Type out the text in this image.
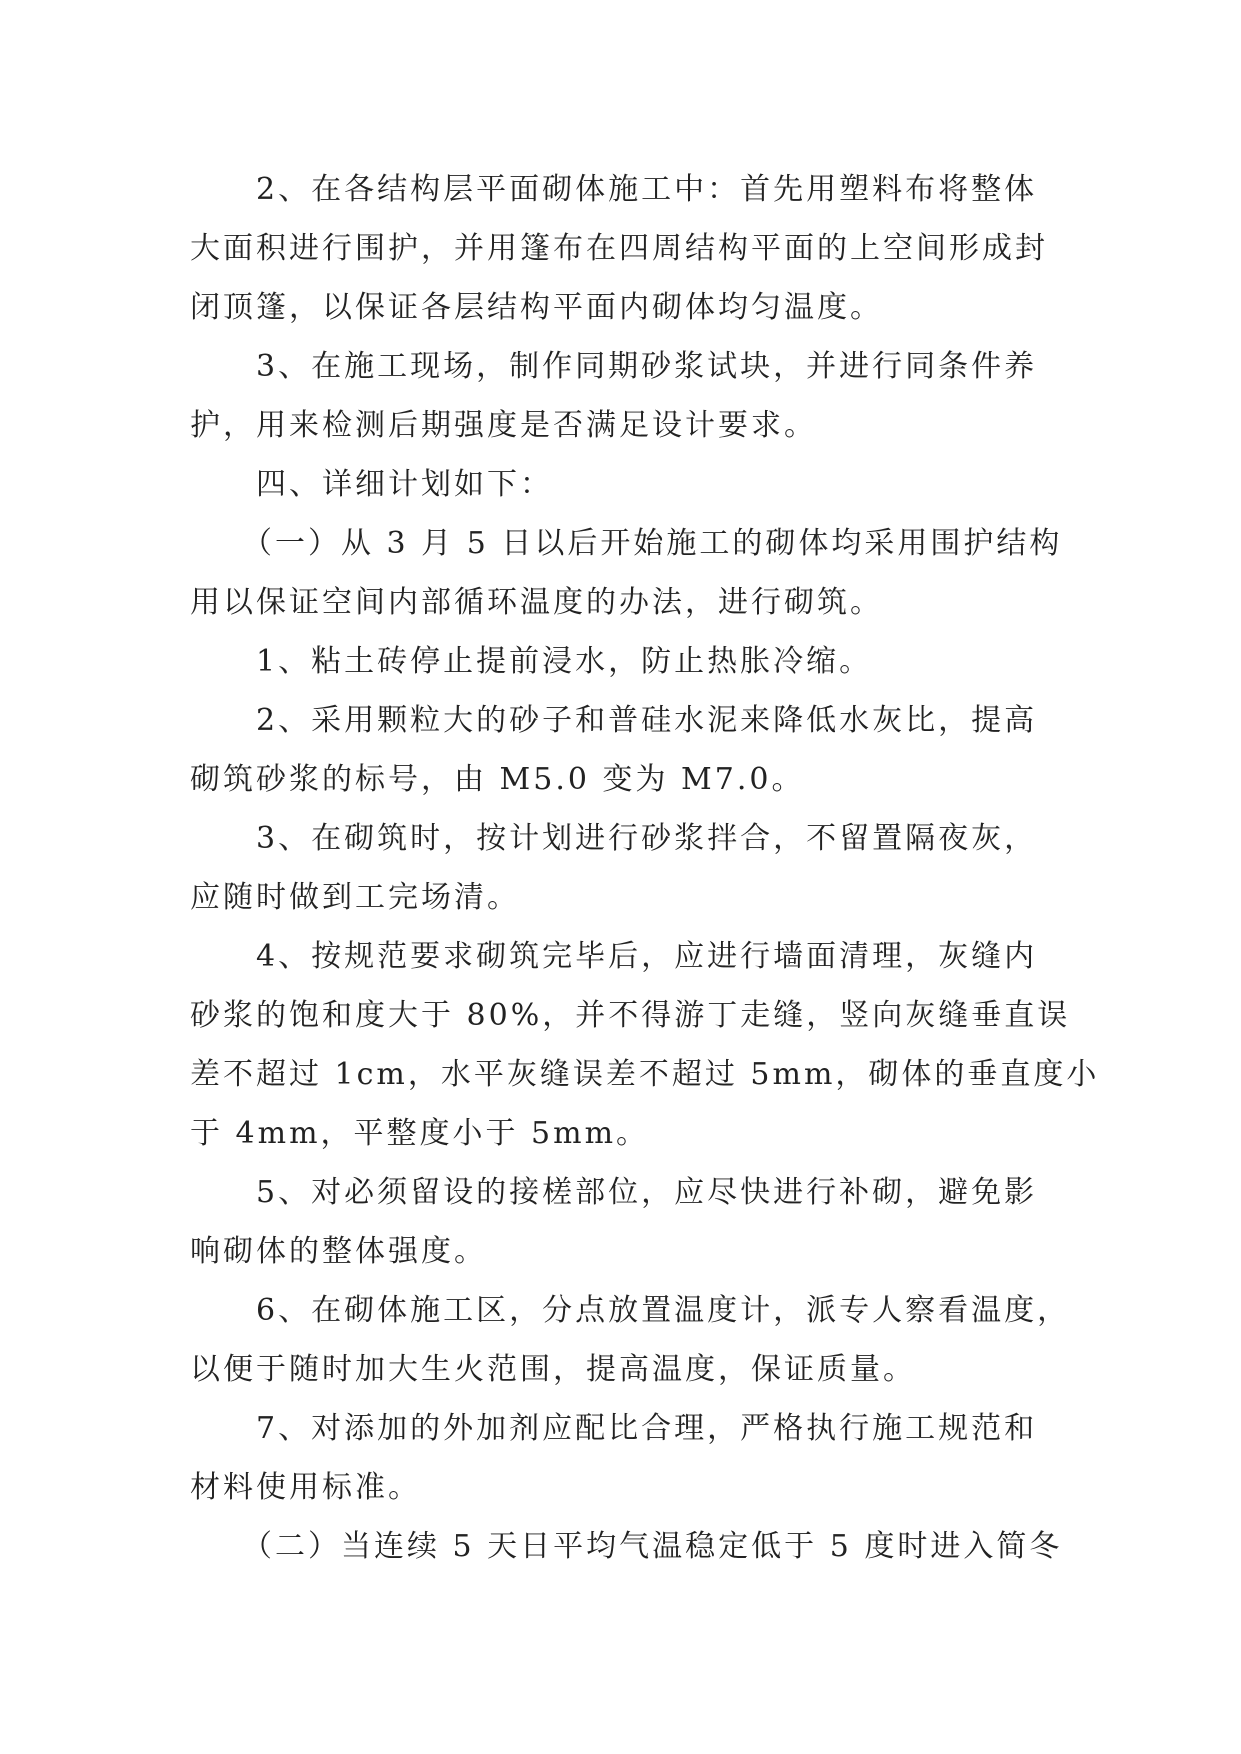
2、在各结构层平面砌体施工中：首先用塑料布将整体
大面积进行围护，并用篷布在四周结构平面的上空间形成封
闭顶篷，以保证各层结构平面内砌体均匀温度。
3、在施工现场，制作同期砂浆试块，并进行同条件养
护，用来检测后期强度是否满足设计要求。
四、详细计划如下：
（一）从 3 月 5 日以后开始施工的砌体均采用围护结构
用以保证空间内部循环温度的办法，进行砌筑。
1、粘土砖停止提前浸水，防止热胀冷缩。
2、采用颗粒大的砂子和普硅水泥来降低水灰比，提高
砌筑砂浆的标号，由 M5.0 变为 M7.0。
3、在砌筑时，按计划进行砂浆拌合，不留置隔夜灰，
应随时做到工完场清。
4、按规范要求砌筑完毕后，应进行墙面清理，灰缝内
砂浆的饱和度大于 80%，并不得游丁走缝，竖向灰缝垂直误
差不超过 1cm，水平灰缝误差不超过 5mm，砌体的垂直度小
于 4mm，平整度小于 5mm。
5、对必须留设的接槎部位，应尽快进行补砌，避免影
响砌体的整体强度。
6、在砌体施工区，分点放置温度计，派专人察看温度，
以便于随时加大生火范围，提高温度，保证质量。
7、对添加的外加剂应配比合理，严格执行施工规范和
材料使用标准。
（二）当连续 5 天日平均气温稳定低于 5 度时进入简冬
